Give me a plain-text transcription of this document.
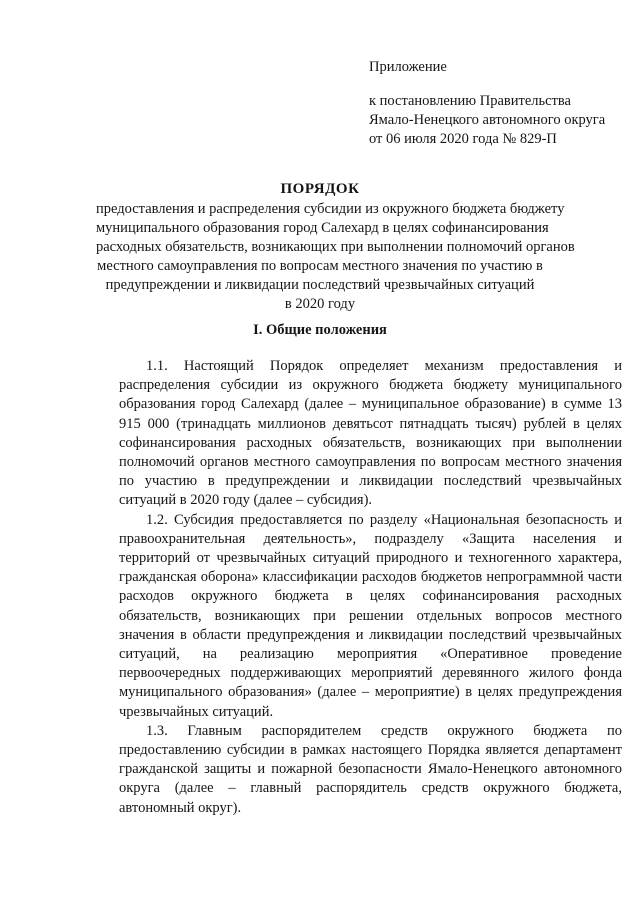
Приложение
к постановлению Правительства
Ямало-Ненецкого автономного округа
от 06 июля 2020 года № 829-П
ПОРЯДОК
предоставления и распределения субсидии из окружного бюджета бюджету
муниципального образования город Салехард в целях софинансирования
расходных обязательств, возникающих при выполнении полномочий органов
местного самоуправления по вопросам местного значения по участию в
предупреждении и ликвидации последствий чрезвычайных ситуаций
в 2020 году
I. Общие положения

1.1. Настоящий Порядок определяет механизм предоставления и распределения субсидии из окружного бюджета бюджету муниципального образования город Салехард (далее – муниципальное образование) в сумме 13 915 000 (тринадцать миллионов девятьсот пятнадцать тысяч) рублей в целях софинансирования расходных обязательств, возникающих при выполнении полномочий органов местного самоуправления по вопросам местного значения по участию в предупреждении и ликвидации последствий чрезвычайных ситуаций в 2020 году (далее – субсидия).

1.2. Субсидия предоставляется по разделу «Национальная безопасность и правоохранительная деятельность», подразделу «Защита населения и территорий от чрезвычайных ситуаций природного и техногенного характера, гражданская оборона» классификации расходов бюджетов непрограммной части расходов окружного бюджета в целях софинансирования расходных обязательств, возникающих при решении отдельных вопросов местного значения в области предупреждения и ликвидации последствий чрезвычайных ситуаций, на реализацию мероприятия «Оперативное проведение первоочередных поддерживающих мероприятий деревянного жилого фонда муниципального образования» (далее – мероприятие) в целях предупреждения чрезвычайных ситуаций.

1.3. Главным распорядителем средств окружного бюджета по предоставлению субсидии в рамках настоящего Порядка является департамент гражданской защиты и пожарной безопасности Ямало-Ненецкого автономного округа (далее – главный распорядитель средств окружного бюджета, автономный округ).
